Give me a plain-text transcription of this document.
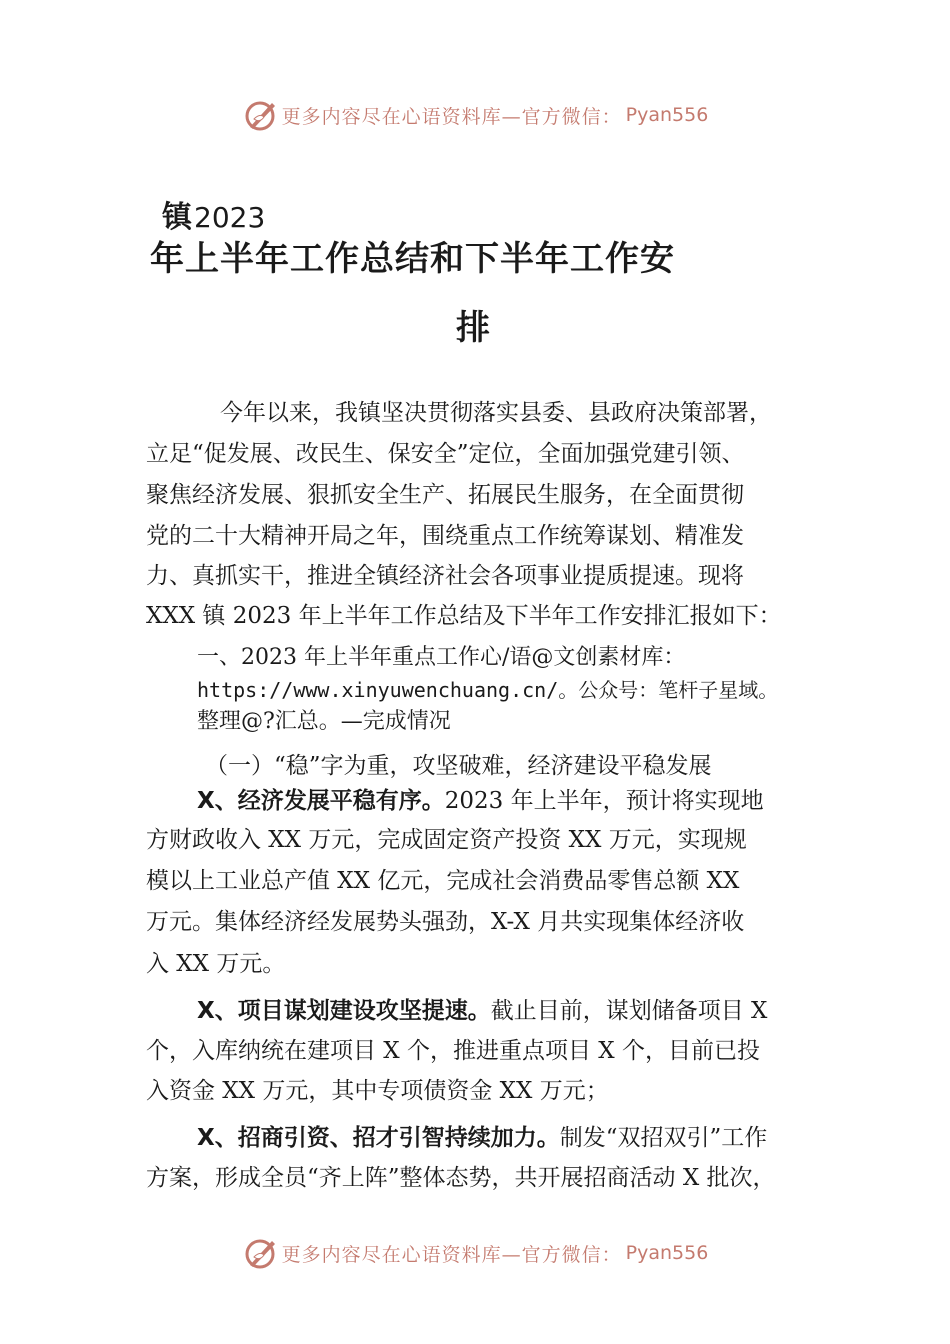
更多内容尽在心语资料库—官方微信： Pyan556
镇2023
年上半年工作总结和下半年工作安
排
今年以来，我镇坚决贯彻落实县委、县政府决策部署，
立足“促发展、改民生、保安全”定位，全面加强党建引领、
聚焦经济发展、狠抓安全生产、拓展民生服务，在全面贯彻
党的二十大精神开局之年，围绕重点工作统筹谋划、精准发
力、真抓实干，推进全镇经济社会各项事业提质提速。现将
XXX 镇 2023 年上半年工作总结及下半年工作安排汇报如下：
一、2023 年上半年重点工作心/语@文创素材库：
https://www.xinyuwenchuang.cn/。公众号：笔杆子星域。
整理@?汇总。—完成情况
（一）“稳”字为重，攻坚破难，经济建设平稳发展
X、经济发展平稳有序。2023 年上半年，预计将实现地
方财政收入 XX 万元，完成固定资产投资 XX 万元，实现规
模以上工业总产值 XX 亿元，完成社会消费品零售总额 XX
万元。集体经济经发展势头强劲，X-X 月共实现集体经济收
入 XX 万元。
X、项目谋划建设攻坚提速。截止目前，谋划储备项目 X
个，入库纳统在建项目 X 个，推进重点项目 X 个，目前已投
入资金 XX 万元，其中专项债资金 XX 万元；
X、招商引资、招才引智持续加力。制发“双招双引”工作
方案，形成全员“齐上阵”整体态势，共开展招商活动 X 批次，
更多内容尽在心语资料库—官方微信： Pyan556
